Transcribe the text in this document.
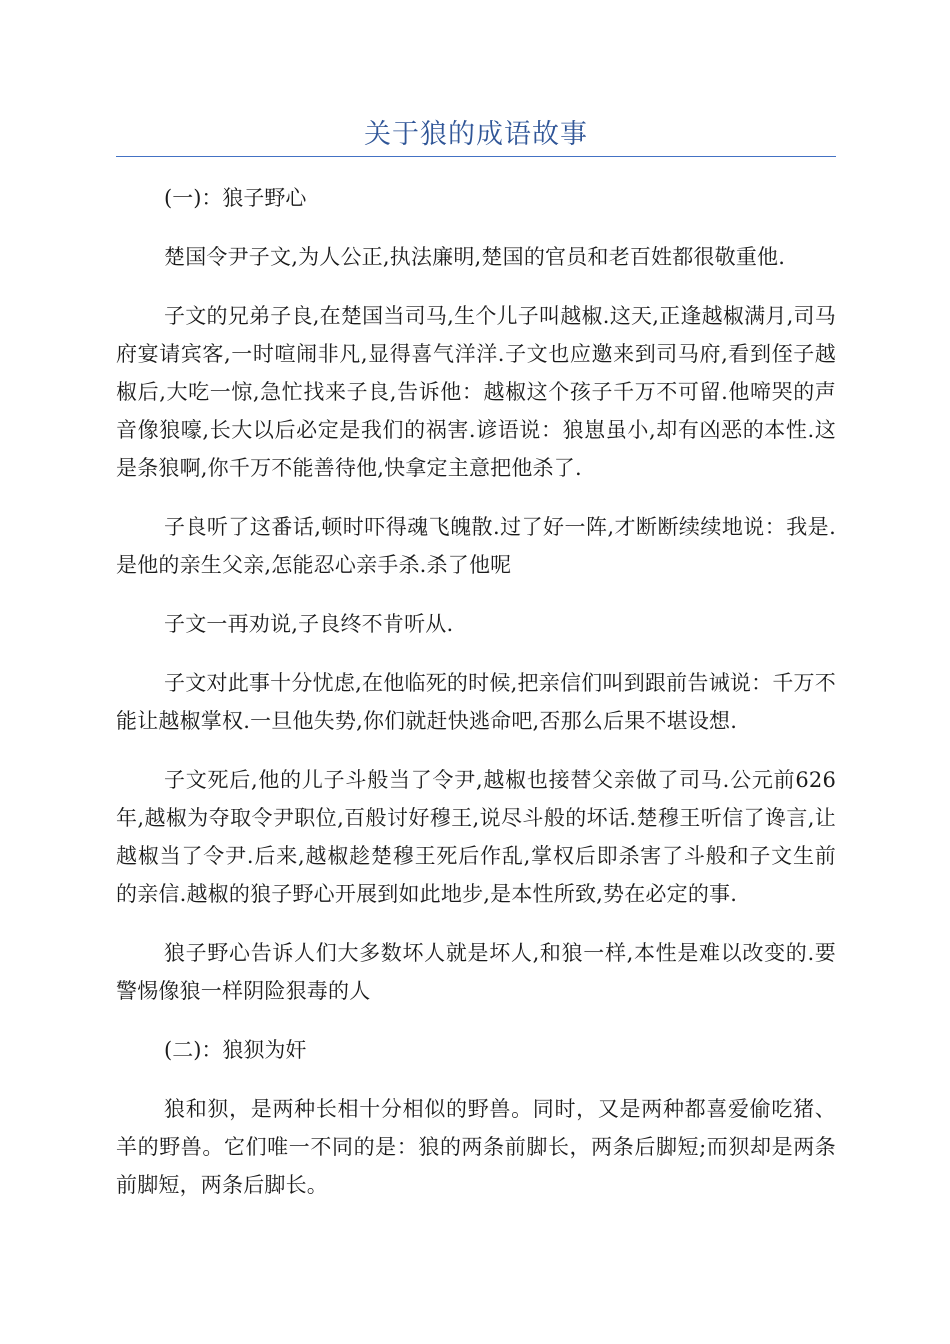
关于狼的成语故事

(一)：狼子野心

楚国令尹子文,为人公正,执法廉明,楚国的官员和老百姓都很敬重他.

子文的兄弟子良,在楚国当司马,生个儿子叫越椒.这天,正逢越椒满月,司马府宴请宾客,一时喧闹非凡,显得喜气洋洋.子文也应邀来到司马府,看到侄子越椒后,大吃一惊,急忙找来子良,告诉他：越椒这个孩子千万不可留.他啼哭的声音像狼嚎,长大以后必定是我们的祸害.谚语说：狼崽虽小,却有凶恶的本性.这是条狼啊,你千万不能善待他,快拿定主意把他杀了.

子良听了这番话,顿时吓得魂飞魄散.过了好一阵,才断断续续地说：我是.是他的亲生父亲,怎能忍心亲手杀.杀了他呢

子文一再劝说,子良终不肯听从.

子文对此事十分忧虑,在他临死的时候,把亲信们叫到跟前告诫说：千万不能让越椒掌权.一旦他失势,你们就赶快逃命吧,否那么后果不堪设想.

子文死后,他的儿子斗般当了令尹,越椒也接替父亲做了司马.公元前626年,越椒为夺取令尹职位,百般讨好穆王,说尽斗般的坏话.楚穆王听信了谗言,让越椒当了令尹.后来,越椒趁楚穆王死后作乱,掌权后即杀害了斗般和子文生前的亲信.越椒的狼子野心开展到如此地步,是本性所致,势在必定的事.

狼子野心告诉人们大多数坏人就是坏人,和狼一样,本性是难以改变的.要警惕像狼一样阴险狠毒的人

(二)：狼狈为奸

狼和狈，是两种长相十分相似的野兽。同时，又是两种都喜爱偷吃猪、羊的野兽。它们唯一不同的是：狼的两条前脚长，两条后脚短;而狈却是两条前脚短，两条后脚长。
